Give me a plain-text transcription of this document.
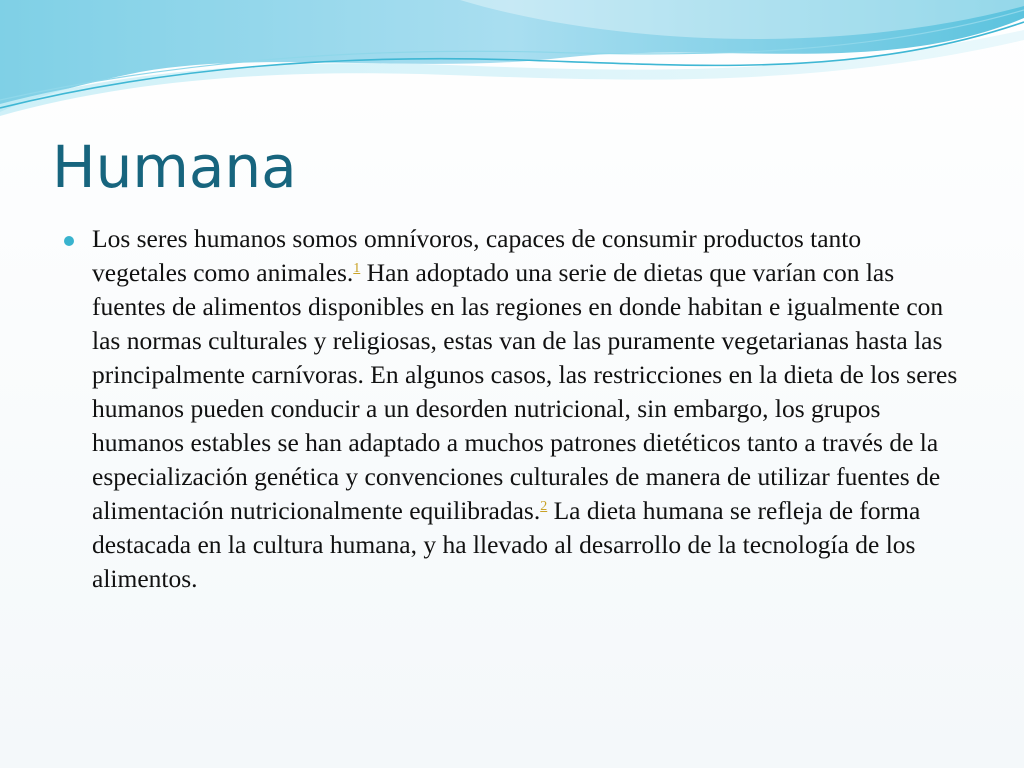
Humana

Los seres humanos somos omnívoros, capaces de consumir productos tanto vegetales como animales.$^1$ Han adoptado una serie de dietas que varían con las fuentes de alimentos disponibles en las regiones en donde habitan e igualmente con las normas culturales y religiosas, estas van de las puramente vegetarianas hasta las principalmente carnívoras. En algunos casos, las restricciones en la dieta de los seres humanos pueden conducir a un desorden nutricional, sin embargo, los grupos humanos estables se han adaptado a muchos patrones dietéticos tanto a través de la especialización genética y convenciones culturales de manera de utilizar fuentes de alimentación nutricionalmente equilibradas.$^2$ La dieta humana se refleja de forma destacada en la cultura humana, y ha llevado al desarrollo de la tecnología de los alimentos.
